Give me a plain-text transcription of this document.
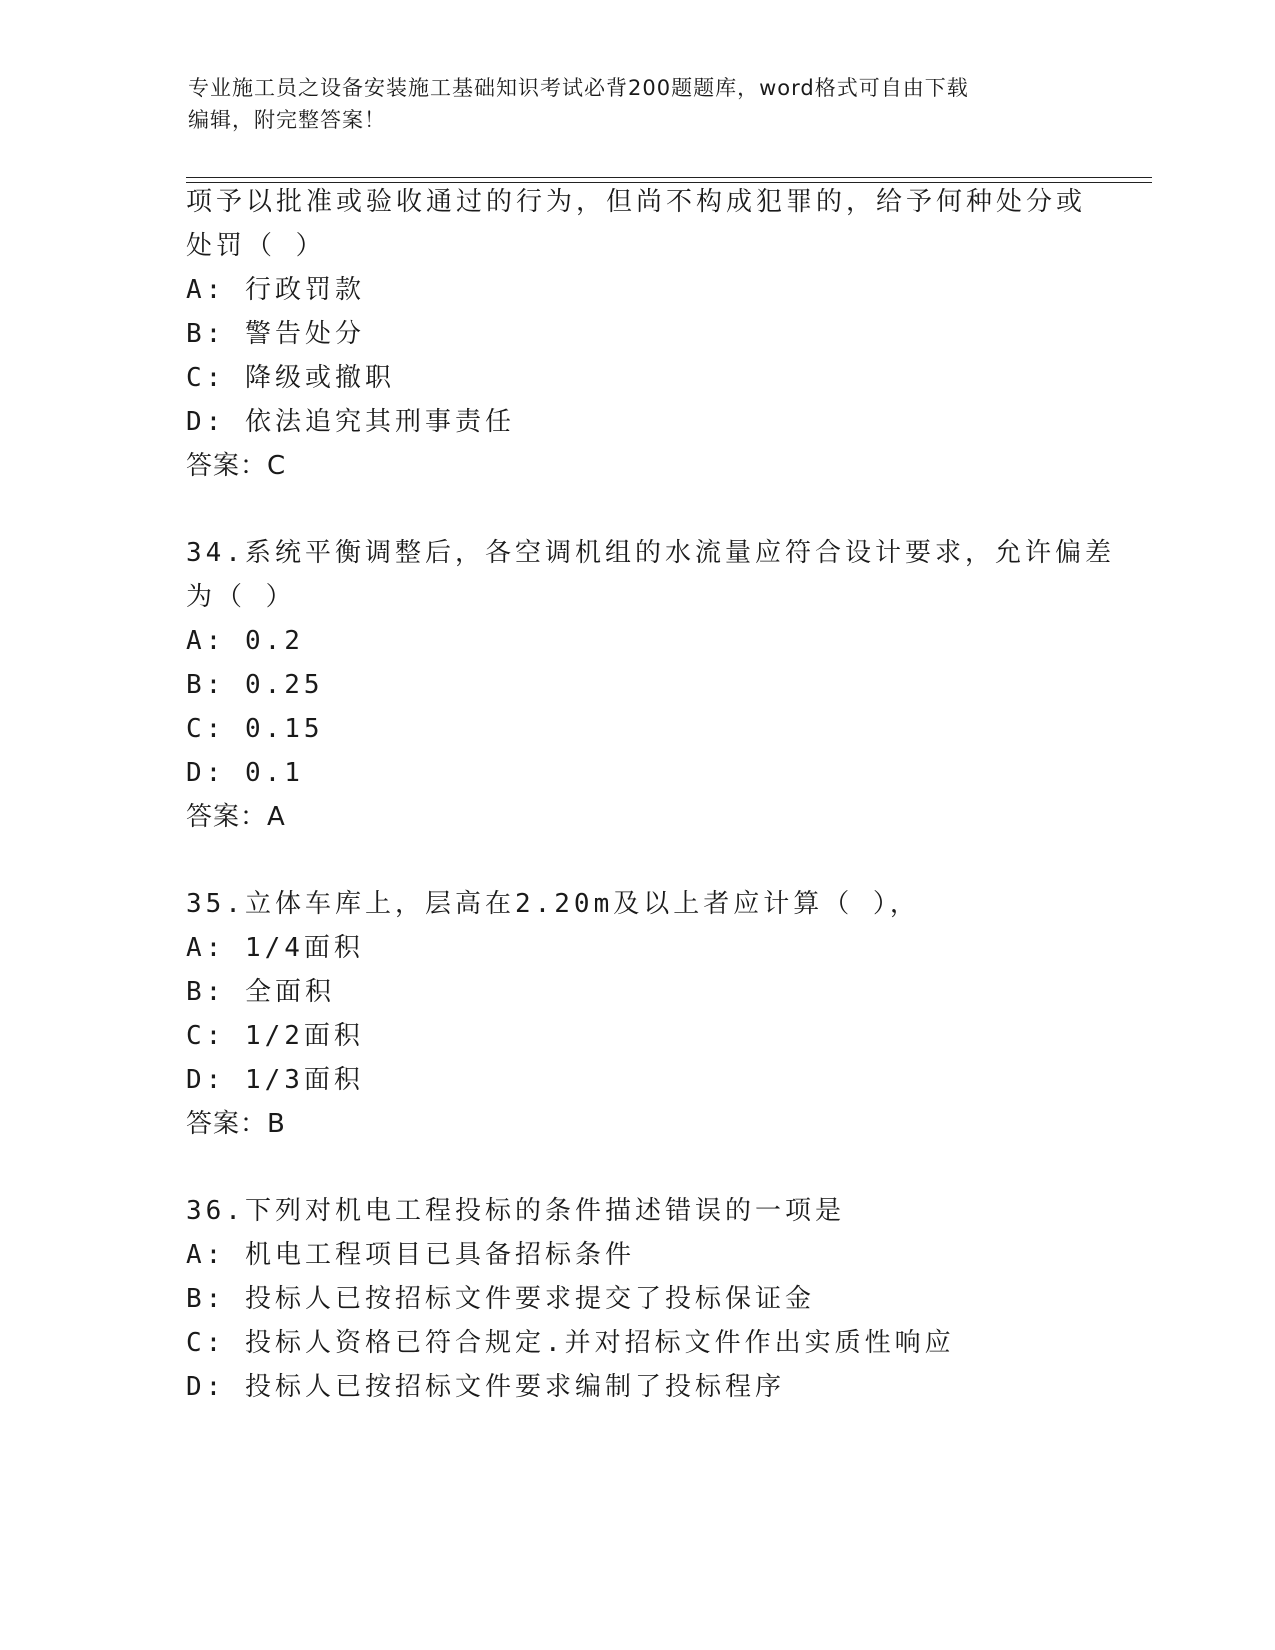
专业施工员之设备安装施工基础知识考试必背200题题库，word格式可自由下载
编辑，附完整答案！
项予以批准或验收通过的行为，但尚不构成犯罪的，给予何种处分或
处罚（ ）
A: 行政罚款
B: 警告处分
C: 降级或撤职
D: 依法追究其刑事责任
答案：C
34.系统平衡调整后，各空调机组的水流量应符合设计要求，允许偏差
为（ ）
A: 0.2
B: 0.25
C: 0.15
D: 0.1
答案：A
35.立体车库上，层高在2.20m及以上者应计算（ ），
A: 1/4面积
B: 全面积
C: 1/2面积
D: 1/3面积
答案：B
36.下列对机电工程投标的条件描述错误的一项是
A: 机电工程项目已具备招标条件
B: 投标人已按招标文件要求提交了投标保证金
C: 投标人资格已符合规定.并对招标文件作出实质性响应
D: 投标人已按招标文件要求编制了投标程序
